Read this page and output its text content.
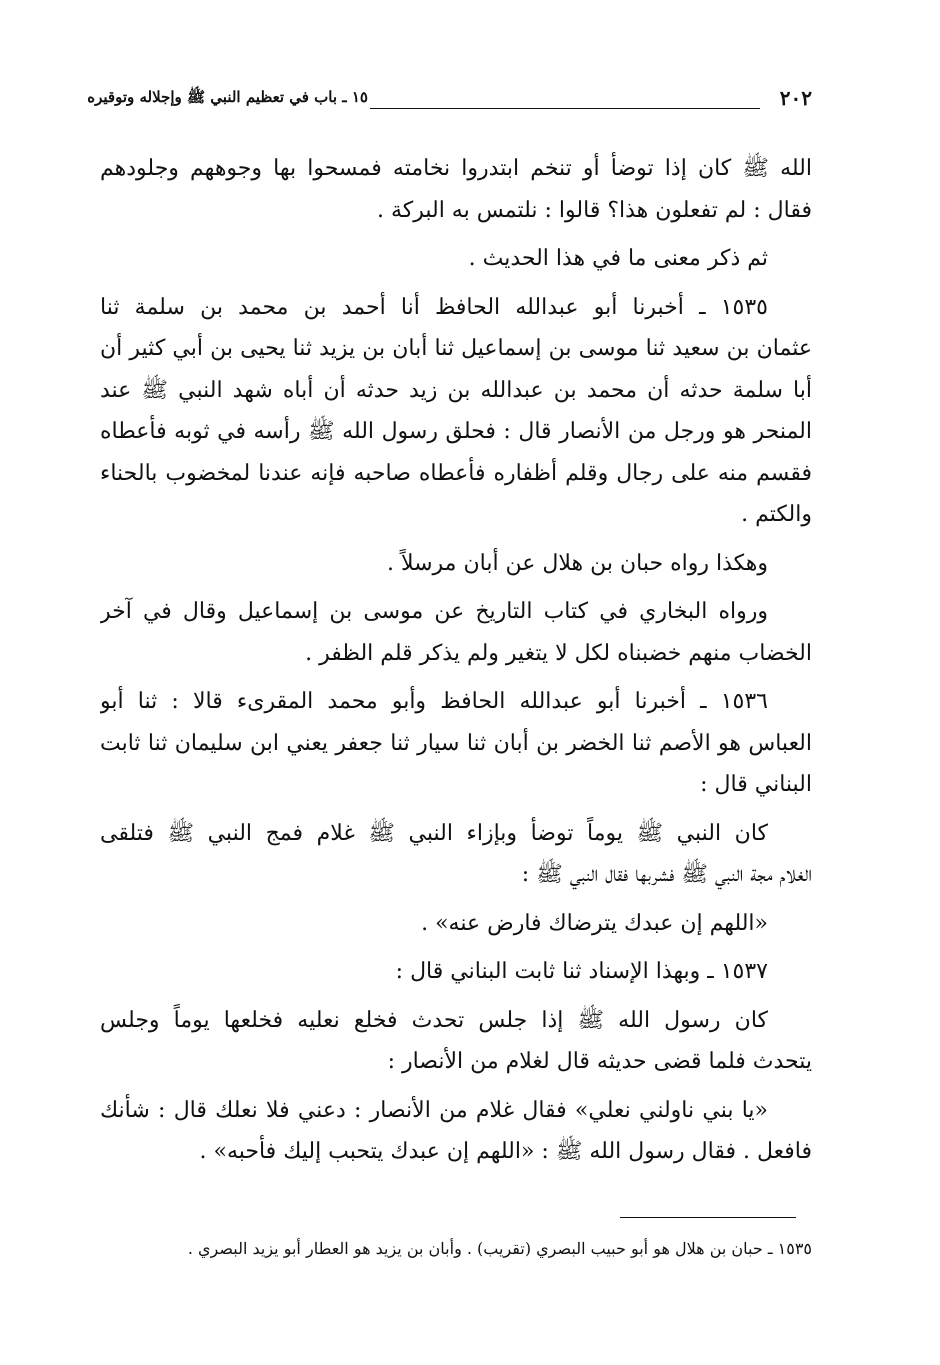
٢٠٢
١٥ ـ باب في تعظيم النبي ﷺ وإجلاله وتوقيره

الله ﷺ كان إذا توضأ أو تنخم ابتدروا نخامته فمسحوا بها وجوههم وجلودهم
فقال : لم تفعلون هذا؟ قالوا : نلتمس به البركة .

ثم ذكر معنى ما في هذا الحديث .

١٥٣٥ ـ أخبرنا أبو عبدالله الحافظ أنا أحمد بن محمد بن سلمة ثنا
عثمان بن سعيد ثنا موسى بن إسماعيل ثنا أبان بن يزيد ثنا يحيى بن أبي كثير أن
أبا سلمة حدثه أن محمد بن عبدالله بن زيد حدثه أن أباه شهد النبي ﷺ عند
المنحر هو ورجل من الأنصار قال : فحلق رسول الله ﷺ رأسه في ثوبه فأعطاه
فقسم منه على رجال وقلم أظفاره فأعطاه صاحبه فإنه عندنا لمخضوب بالحناء
والكتم .

وهكذا رواه حبان بن هلال عن أبان مرسلاً .

ورواه البخاري في كتاب التاريخ عن موسى بن إسماعيل وقال في آخر
الخضاب منهم خضبناه لكل لا يتغير ولم يذكر قلم الظفر .

١٥٣٦ ـ أخبرنا أبو عبدالله الحافظ وأبو محمد المقرىء قالا : ثنا أبو
العباس هو الأصم ثنا الخضر بن أبان ثنا سيار ثنا جعفر يعني ابن سليمان ثنا ثابت
البناني قال :

كان النبي ﷺ يوماً توضأ وبإزاء النبي ﷺ غلام فمج النبي ﷺ فتلقى
الغلام مجة النبي ﷺ فشربها فقال النبي ﷺ :

«اللهم إن عبدك يترضاك فارض عنه» .

١٥٣٧ ـ وبهذا الإسناد ثنا ثابت البناني قال :

كان رسول الله ﷺ إذا جلس تحدث فخلع نعليه فخلعها يوماً وجلس
يتحدث فلما قضى حديثه قال لغلام من الأنصار :

«يا بني ناولني نعلي» فقال غلام من الأنصار : دعني فلا نعلك قال : شأنك
فافعل . فقال رسول الله ﷺ : «اللهم إن عبدك يتحبب إليك فأحبه» .

١٥٣٥ ـ حبان بن هلال هو أبو حبيب البصري (تقريب) . وأبان بن يزيد هو العطار أبو يزيد البصري .
